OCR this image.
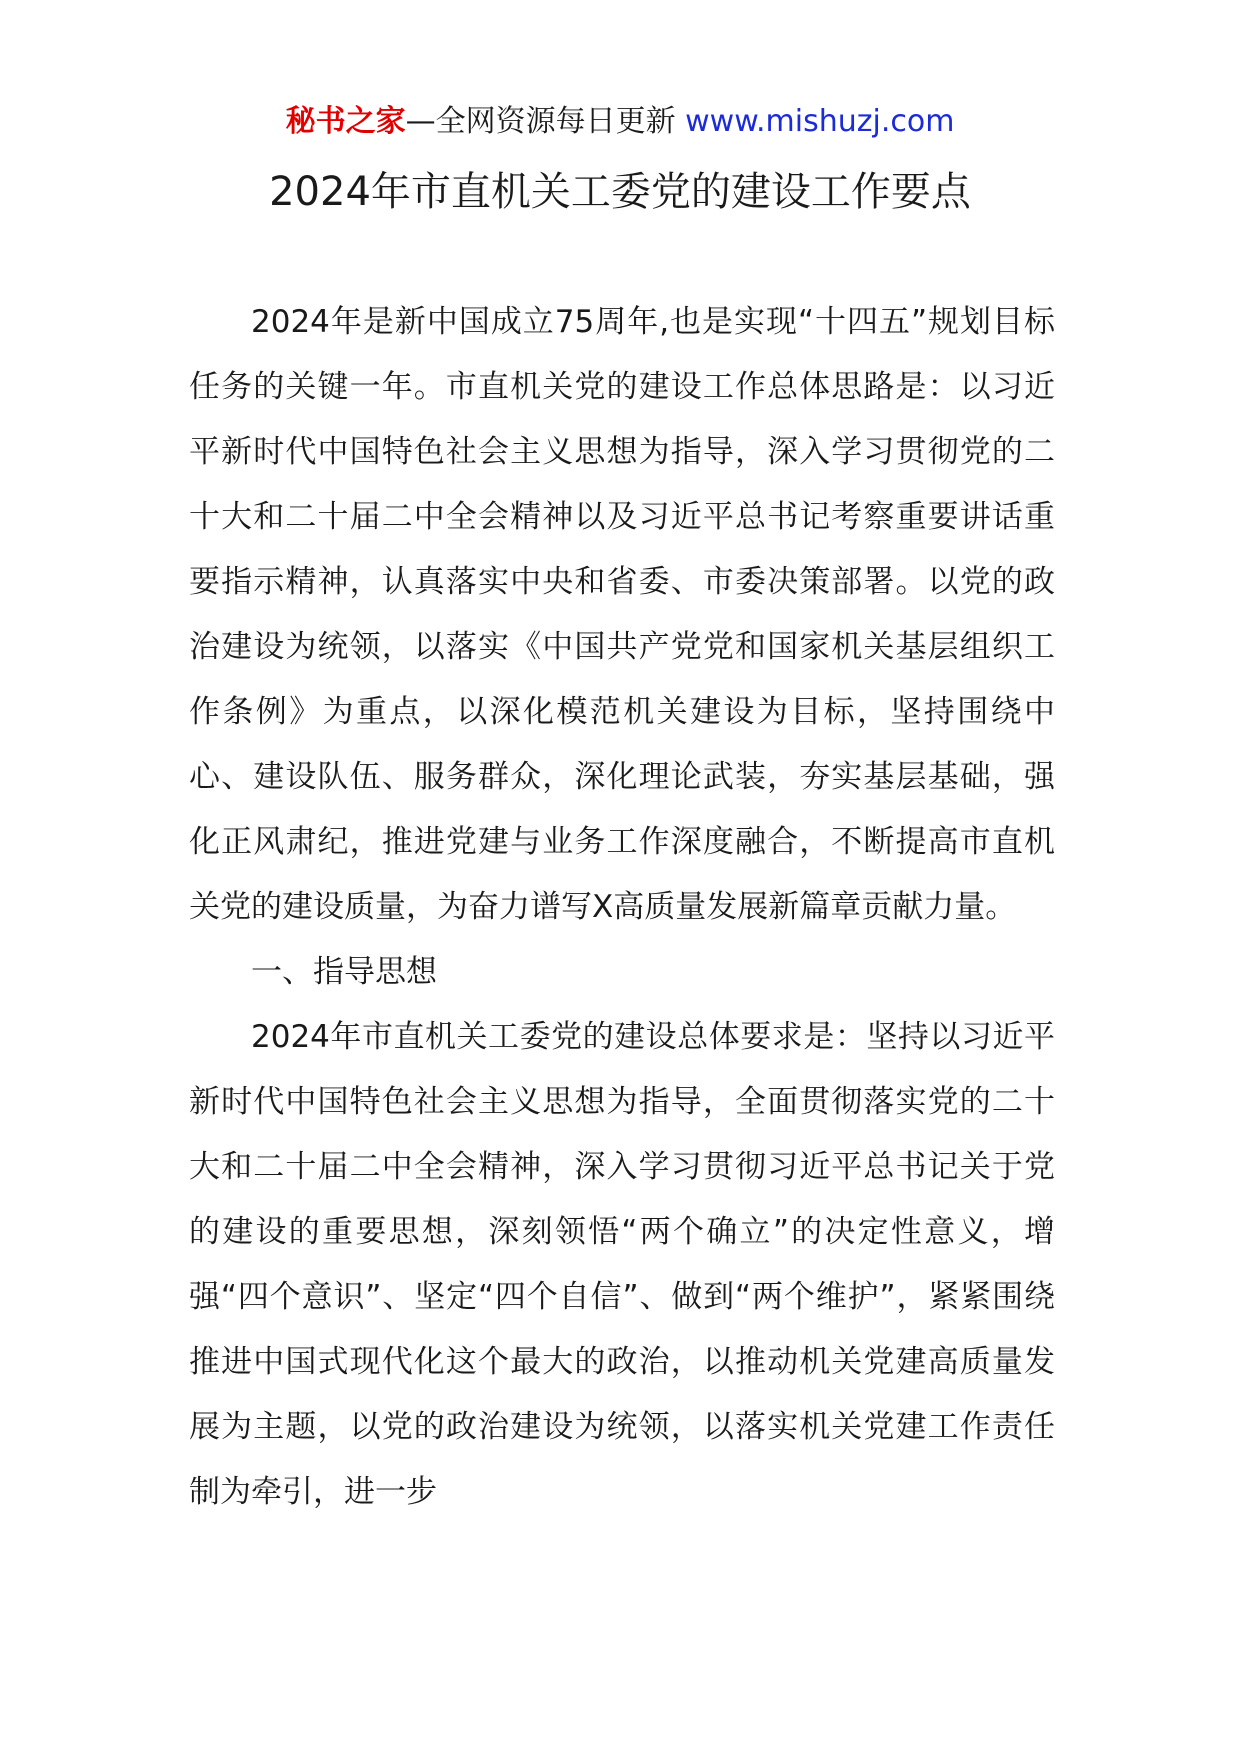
秘书之家—全网资源每日更新 www.mishuzj.com
2024年市直机关工委党的建设工作要点

2024年是新中国成立75周年,也是实现“十四五”规划目标任务的关键一年。市直机关党的建设工作总体思路是：以习近平新时代中国特色社会主义思想为指导，深入学习贯彻党的二十大和二十届二中全会精神以及习近平总书记考察重要讲话重要指示精神，认真落实中央和省委、市委决策部署。以党的政治建设为统领，以落实《中国共产党党和国家机关基层组织工作条例》为重点，以深化模范机关建设为目标，坚持围绕中心、建设队伍、服务群众，深化理论武装，夯实基层基础，强化正风肃纪，推进党建与业务工作深度融合，不断提高市直机关党的建设质量，为奋力谱写X高质量发展新篇章贡献力量。

一、指导思想

2024年市直机关工委党的建设总体要求是：坚持以习近平新时代中国特色社会主义思想为指导，全面贯彻落实党的二十大和二十届二中全会精神，深入学习贯彻习近平总书记关于党的建设的重要思想，深刻领悟“两个确立”的决定性意义，增强“四个意识”、坚定“四个自信”、做到“两个维护”，紧紧围绕推进中国式现代化这个最大的政治，以推动机关党建高质量发展为主题，以党的政治建设为统领，以落实机关党建工作责任制为牵引，进一步
